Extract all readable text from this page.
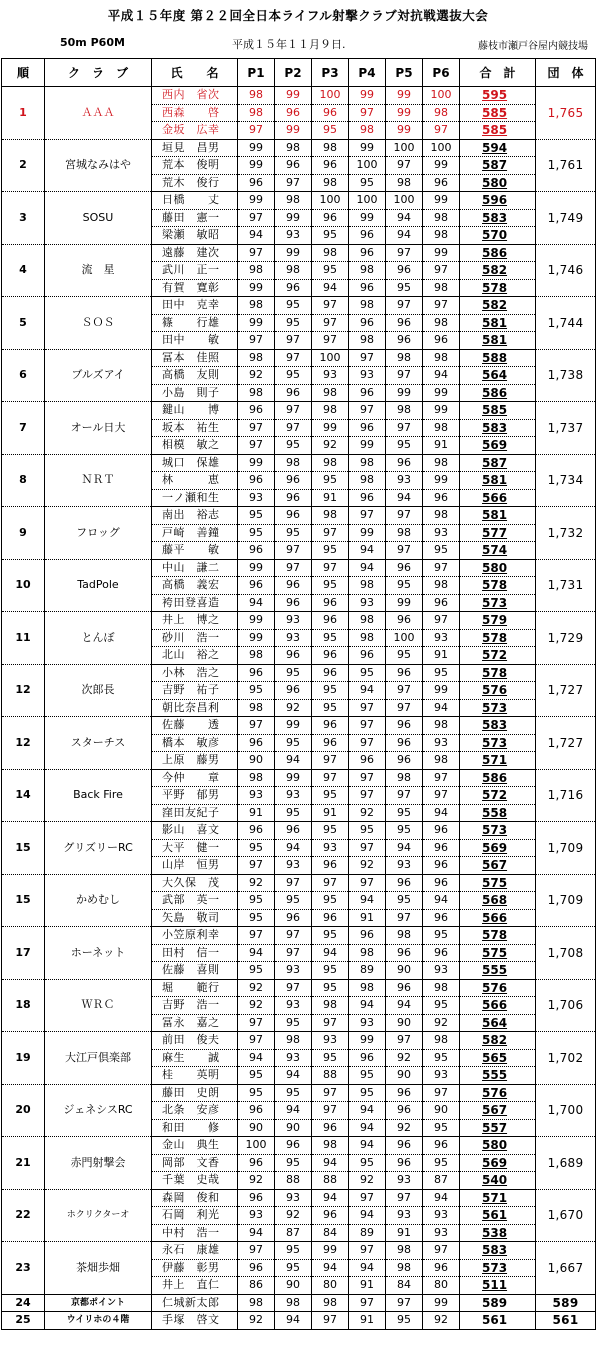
平成１５年度 第２２回全日本ライフル射撃クラブ対抗戦選抜大会
50m P60M	平成１５年１１月９日.	藤枝市瀬戸谷屋内競技場
順	ク　ラ　ブ	氏　　名	P1	P2	P3	P4	P5	P6	合　計	団　体
1	ＡＡＡ	西内　省次	98	99	100	99	99	100	595	1,765
		西森　　啓	98	96	96	97	99	98	585	
		金坂　広幸	97	99	95	98	99	97	585	
2	宮城なみはや	垣見　昌男	99	98	98	99	100	100	594	1,761
		荒本　俊明	99	96	96	100	97	99	587	
		荒木　俊行	96	97	98	95	98	96	580	
3	SOSU	日橋　　丈	99	98	100	100	100	99	596	1,749
		藤田　憲一	97	99	96	99	94	98	583	
		梁瀬　敏昭	94	93	95	96	94	98	570	
4	流　星	遠藤　建次	97	99	98	96	97	99	586	1,746
		武川　正一	98	98	95	98	96	97	582	
		有賀　寛彰	99	96	94	96	95	98	578	
5	ＳＯＳ	田中　克幸	98	95	97	98	97	97	582	1,744
		篠　　行雄	99	95	97	96	96	98	581	
		田中　　敏	97	97	97	98	96	96	581	
6	ブルズアイ	冨本　佳照	98	97	100	97	98	98	588	1,738
		高橋　友則	92	95	93	93	97	94	564	
		小島　則子	98	96	98	96	99	99	586	
7	オール日大	鍵山　　博	96	97	98	97	98	99	585	1,737
		坂本　祐生	97	97	99	96	97	98	583	
		相模　敏之	97	95	92	99	95	91	569	
8	ＮＲＴ	城口　保雄	99	98	98	98	96	98	587	1,734
		林　　　恵	96	96	95	98	93	99	581	
		一ノ瀬和生	93	96	91	96	94	96	566	
9	フロッグ	南出　裕志	95	96	98	97	97	98	581	1,732
		戸崎　善鐘	95	95	97	99	98	93	577	
		藤平　　敏	96	97	95	94	97	95	574	
10	TadPole	中山　謙二	99	97	97	94	96	97	580	1,731
		高橋　義宏	96	96	95	98	95	98	578	
		袴田登喜造	94	96	96	93	99	96	573	
11	とんぼ	井上　博之	99	93	96	98	96	97	579	1,729
		砂川　浩一	99	93	95	98	100	93	578	
		北山　裕之	98	96	96	96	95	91	572	
12	次郎長	小林　浩之	96	95	96	95	96	95	578	1,727
		吉野　祐子	95	96	95	94	97	99	576	
		朝比奈昌利	98	92	95	97	97	94	573	
12	スターチス	佐藤　　透	97	99	96	97	96	98	583	1,727
		橋本　敏彦	96	95	96	97	96	93	573	
		上原　藤男	90	94	97	96	96	98	571	
14	Back Fire	今仲　　章	98	99	97	97	98	97	586	1,716
		平野　郁男	93	93	95	97	97	97	572	
		窪田友紀子	91	95	91	92	95	94	558	
15	グリズリーRC	影山　喜文	96	96	95	95	95	96	573	1,709
		大平　健一	95	94	93	97	94	96	569	
		山岸　恒男	97	93	96	92	93	96	567	
15	かめむし	大久保　茂	92	97	97	97	96	96	575	1,709
		武部　英一	95	95	95	94	95	94	568	
		矢島　敬司	95	96	96	91	97	96	566	
17	ホーネット	小笠原利幸	97	97	95	96	98	95	578	1,708
		田村　信一	94	97	94	98	96	96	575	
		佐藤　喜則	95	93	95	89	90	93	555	
18	ＷＲＣ	堀　　範行	92	97	95	98	96	98	576	1,706
		吉野　浩一	92	93	98	94	94	95	566	
		冨永　嘉之	97	95	97	93	90	92	564	
19	大江戸倶楽部	前田　俊夫	97	98	93	99	97	98	582	1,702
		麻生　　誠	94	93	95	96	92	95	565	
		桂　　英明	95	94	88	95	90	93	555	
20	ジェネシスRC	藤田　史朗	95	95	97	95	96	97	576	1,700
		北条　安彦	96	94	97	94	96	90	567	
		和田　　修	90	90	96	94	92	95	557	
21	赤門射撃会	金山　典生	100	96	98	94	96	96	580	1,689
		岡部　文香	96	95	94	95	96	95	569	
		千葉　史哉	92	88	88	92	93	87	540	
22	ホクリクターオ	森岡　俊和	96	93	94	97	97	94	571	1,670
		石岡　利光	93	92	96	94	93	93	561	
		中村　浩一	94	87	84	89	91	93	538	
23	茶畑歩畑	永石　康雄	97	95	99	97	98	97	583	1,667
		伊藤　彰男	96	95	94	94	98	96	573	
		井上　直仁	86	90	80	91	84	80	511	
24	京都ポイント	仁城新太郎	98	98	98	97	97	99	589	589
25	ウイリホの４階	手塚　啓文	92	94	97	91	95	92	561	561
